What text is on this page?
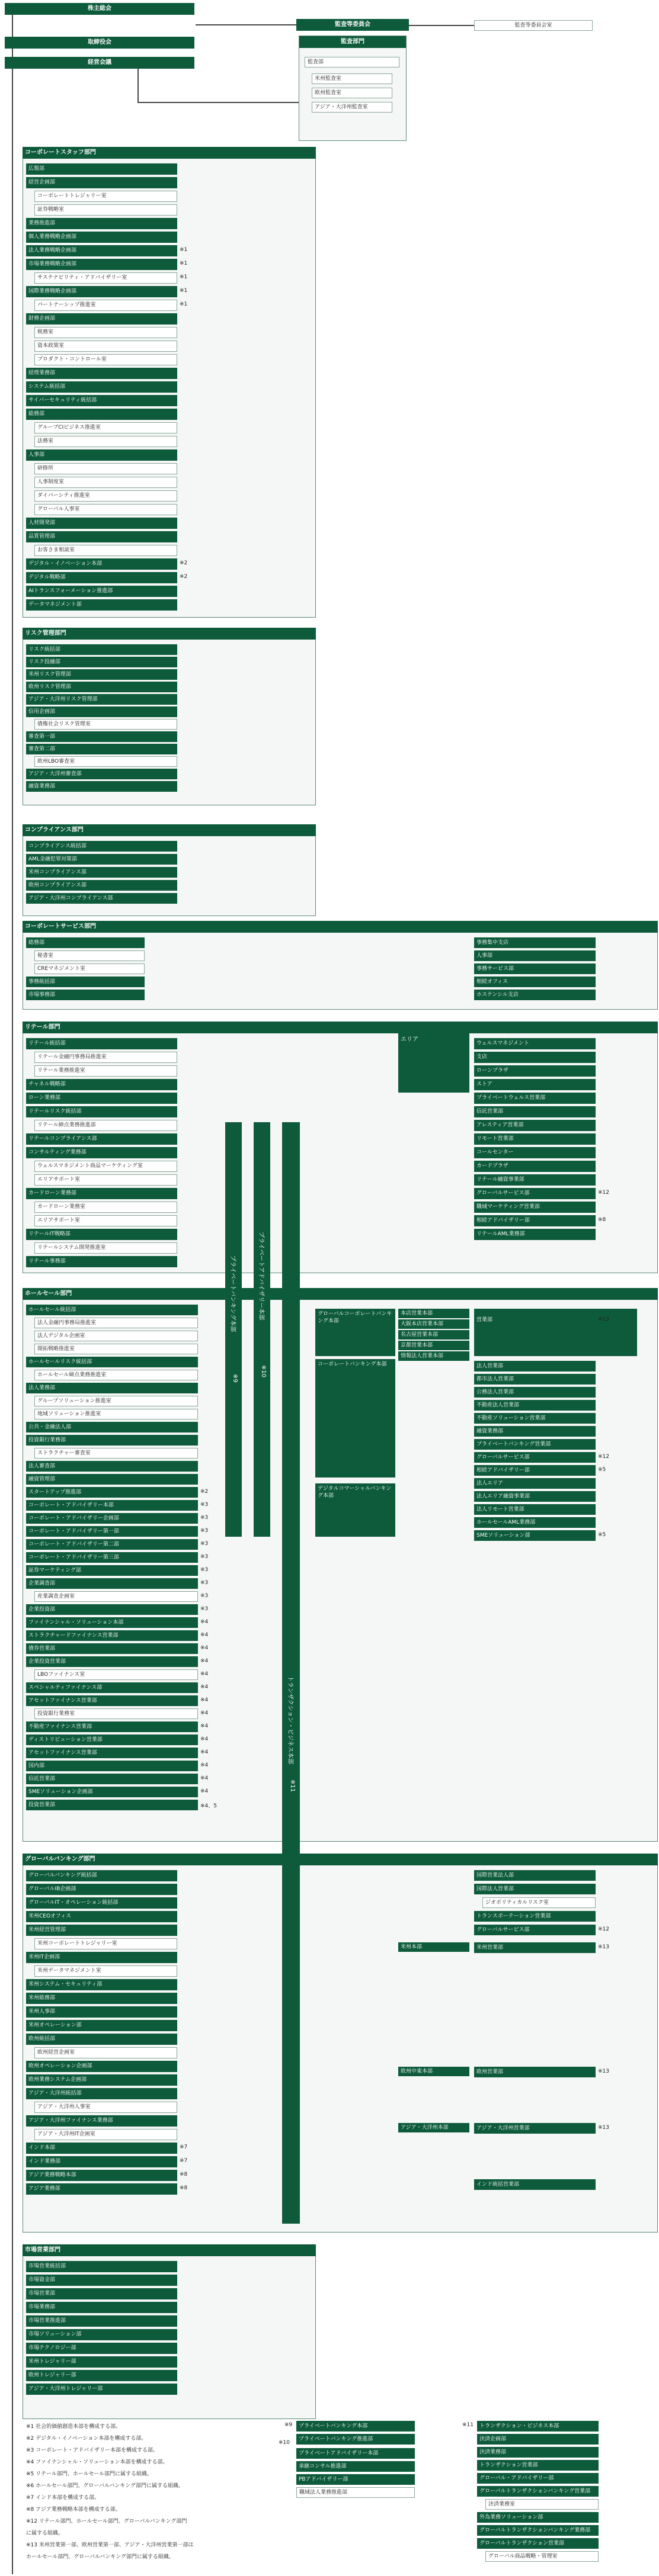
株主総会
取締役会
経営会議
監査等委員会	監査等委員会室
監査部門
監査部
米州監査室
欧州監査室
アジア・大洋州監査室
コーポレートスタッフ部門
リスク管理部門
コンプライアンス部門
コーポレートサービス部門
リテール部門
ホールセール部門
グローバルバンキング部門
市場営業部門
プライベートバンキング本部
※9
プライベートアドバイザリー本部
※10
トランザクション・ビジネス本部
※11
エリア
グローバルコーポレートバンキング本部
コーポレートバンキング本部
デジタルコマーシャルバンキング本部
米州本部
欧州中東本部
アジア・大洋州本部
※9
※10
※11
広報部
経営企画部
コーポレートトレジャリー室
証券戦略室
業務推進部
個人業務戦略企画部
法人業務戦略企画部	※1
市場業務戦略企画部	※1
サステナビリティ・アドバイザリー室	※1
国際業務戦略企画部	※1
パートナーシップ推進室	※1
財務企画部
税務室
資本政策室
プロダクト・コントロール室
経理業務部
システム統括部
サイバーセキュリティ統括部
総務部
グループCIビジネス推進室
法務室
人事部
研修所
人事制度室
ダイバーシティ推進室
グローバル人事室
人材開発部
品質管理部
お客さま相談室
デジタル・イノベーション本部	※2
デジタル戦略部	※2
AIトランスフォーメーション推進部
データマネジメント部
リスク統括部
リスク投融部
米州リスク管理部
欧州リスク管理部
アジア・大洋州リスク管理部
信用企画部
債権社会リスク管理室
審査第一部
審査第二部
欧州LBO審査室
アジア・大洋州審査部
融資業務部
コンプライアンス統括部
AML金融犯罪対策部
米州コンプライアンス部
欧州コンプライアンス部
アジア・大洋州コンプライアンス部
総務部
秘書室
CREマネジメント室
事務統括部
市場事務部
事務集中支店
人事部
事務サービス部
相続オフィス
ホステンシル支店
リテール統括部
リテール金融円事務局推進室
リテール業務推進室
チャネル戦略部
ローン業務部
リテールリスク統括部
リテール締点業務推進部
リテールコンプライアンス部
コンサルティング業務部
ウェルスマネジメント商品マーケティング室
エリアサポート室
カードローン業務部
カードローン業務室
エリアサポート室
リテールIT戦略部
リテールシステム開発推進室
リテール事務部
ウェルスマネジメント
支店
ローンプラザ
ストア
プライベートウェルス営業部
信託営業部
アレスティア営業部
リモート営業部
コールセンター
カードプラザ
リテール融資事業部
グローバルサービス部	※12
職域マーケティング営業部
相続アドバイザリー部	※8
リテールAML業務部
ホールセール統括部
法人金融円事務局推進室
法人デジタル企画室
開拓戦略推進室
ホールセールリスク統括部
ホールセール締点業務推進室
法人業務部
グループソリューション推進室
地域ソリューション推進室
公共・金融法人部
投資銀行業務部
ストラクチャー審査室
法人審査部
融資管理部
スタートアップ推進部	※2
コーポレート・アドバイザリー本部	※3
コーポレート・アドバイザリー企画部	※3
コーポレート・アドバイザリー第一部	※3
コーポレート・アドバイザリー第二部	※3
コーポレート・アドバイザリー第三部	※3
証券マーケティング部	※3
企業調査部	※3
産業調査企画室	※3
企業投資部	※3
ファイナンシャル・ソリューション本部	※4
ストラクチャードファイナンス営業部	※4
債券営業部	※4
企業投資営業部	※4
LBOファイナンス室	※4
スペシャルティファイナンス部	※4
アセットファイナンス営業部	※4
投資銀行業務室	※4
不動産ファイナンス営業部	※4
ディストリビューション営業部	※4
アセットファイナンス営業部	※4
国内部	※4
信託営業部	※4
SMEソリューション企画部	※4
投資営業部	※4、5
本店営業本部
大阪本店営業本部
名古屋営業本部
京都営業本部
情報法人営業本部
営業部	※13
法人営業部
都市法人営業部
公務法人営業部
不動産法人営業部
不動産ソリューション営業部
融資業務部
プライベートバンキング営業部
グローバルサービス部	※12
相続アドバイザリー部	※5
法人エリア
法人エリア融資事業部
法人リモート営業部
ホールセールAML業務部
SMEソリューション部	※5
グローバルバンキング統括部
グローバルIB企画部
グローバルIT・オペレーション統括部
米州CEOオフィス
米州経営管理部
米州コーポレートトレジャリー室
米州IT企画部
米州データマネジメント室
米州システム・セキュリティ部
米州総務部
米州人事部
米州オペレーション部
欧州統括部
欧州経営企画室
欧州オペレーション企画部
欧州業務システム企画部
アジア・大洋州統括部
アジア・大洋州人事室
アジア・大洋州ファイナンス業務部
アジア・大洋州IT企画室
インド本部	※7
インド業務部	※7
アジア業務戦略本部	※8
アジア業務部	※8
国際営業法人部
国際法人営業部
ジオポリティカルリスク室
トランスポーテーション営業部
グローバルサービス部	※12
米州営業部	※13
欧州営業部	※13
アジア・大洋州営業部	※13
インド統括営業部
市場営業統括部
市場資金部
市場営業部
市場業務部
市場営業推進部
市場ソリューション部
市場テクノロジー部
米州トレジャリー部
欧州トレジャリー部
アジア・大洋州トレジャリー部
※1 社会的価値創造本部を構成する部。
※2 デジタル・イノベーション本部を構成する部。
※3 コーポレート・アドバイザリー本部を構成する部。
※4 ファイナンシャル・ソリューション本部を構成する部。
※5 リテール部門、ホールセール部門に属する組織。
※6 ホールセール部門、グローバルバンキング部門に属する組織。
※7 インド本部を構成する部。
※8 アジア業務戦略本部を構成する部。
※12 リテール部門、ホールセール部門、グローバルバンキング部門
に属する組織。
※13 米州営業第一部、欧州営業第一部、アジア・大洋州営業第一部は
ホールセール部門、グローバルバンキング部門に属する組織。
プライベートバンキング本部
プライベートバンキング推進部
プライベートアドバイザリー本部
承継コンサル推進部
PBアドバイザリー部
職域法人業務推進部
トランザクション・ビジネス本部
決済企画部
決済業務部
トランザクション営業部
グローバル・アドバイザリー部
グローバルトランザクションバンキング営業部
決済業務室
外為業務ソリューション部
グローバルトランザクションバンキング業務部
グローバルトランザクション営業部
グローバル商品戦略・管理室
